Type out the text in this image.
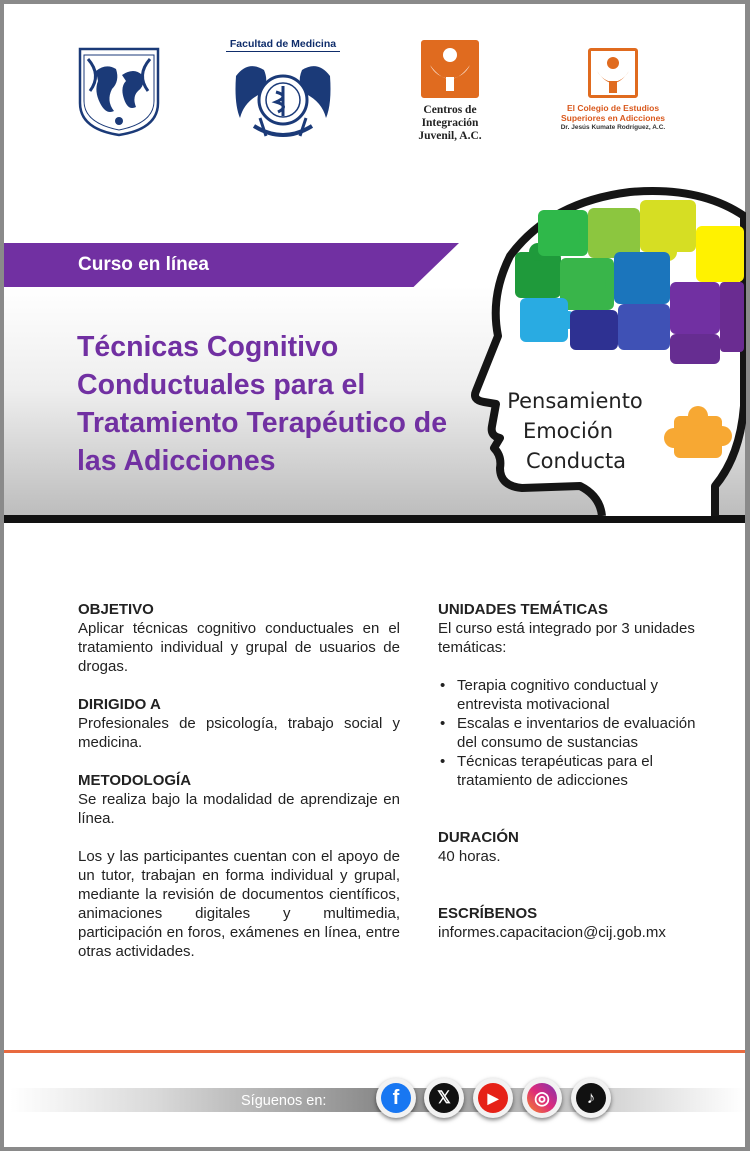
Facultad de Medicina
Centros de
Integración
Juvenil, A.C.
El Colegio de Estudios
Superiores en Adicciones
Dr. Jesús Kumate Rodríguez, A.C.
Curso en línea
Técnicas Cognitivo Conductuales para el Tratamiento Terapéutico de las Adicciones
Pensamiento
Emoción
Conducta
OBJETIVO
Aplicar técnicas cognitivo conductuales en el tratamiento individual y grupal de usuarios de drogas.
DIRIGIDO A
Profesionales de psicología, trabajo social y medicina.
METODOLOGÍA
Se realiza bajo la modalidad de aprendizaje en línea.
Los y las participantes cuentan con el apoyo de un tutor, trabajan en forma individual y grupal, mediante la revisión de documentos científicos, animaciones digitales y multimedia, participación en foros, exámenes en línea, entre otras actividades.
UNIDADES TEMÁTICAS
El curso está integrado por 3 unidades temáticas:
• Terapia cognitivo conductual y entrevista motivacional
• Escalas e inventarios de evaluación del consumo de sustancias
• Técnicas terapéuticas para el tratamiento de adicciones
DURACIÓN
40 horas.
ESCRÍBENOS
informes.capacitacion@cij.gob.mx
Síguenos en:	f	𝕏	▶	◎	♪
